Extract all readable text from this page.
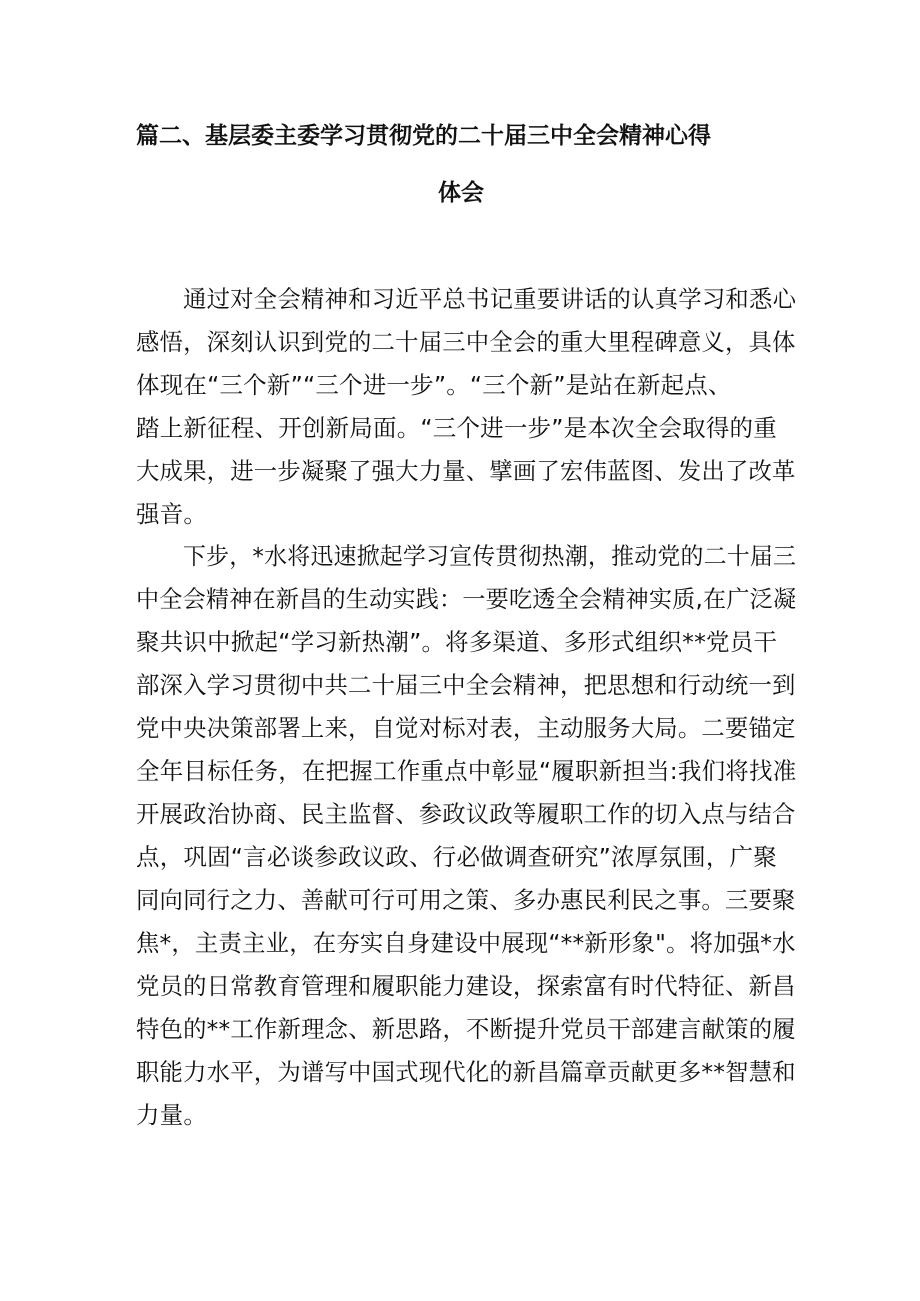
篇二、基层委主委学习贯彻党的二十届三中全会精神心得
体会
通过对全会精神和习近平总书记重要讲话的认真学习和悉心
感悟，深刻认识到党的二十届三中全会的重大里程碑意义，具体
体现在“三个新”“三个进一步”。“三个新”是站在新起点、
踏上新征程、开创新局面。“三个进一步”是本次全会取得的重
大成果，进一步凝聚了强大力量、擘画了宏伟蓝图、发出了改革
强音。
下步，*水将迅速掀起学习宣传贯彻热潮，推动党的二十届三
中全会精神在新昌的生动实践：一要吃透全会精神实质,在广泛凝
聚共识中掀起“学习新热潮”。将多渠道、多形式组织**党员干
部深入学习贯彻中共二十届三中全会精神，把思想和行动统一到
党中央决策部署上来，自觉对标对表，主动服务大局。二要锚定
全年目标任务，在把握工作重点中彰显“履职新担当:我们将找准
开展政治协商、民主监督、参政议政等履职工作的切入点与结合
点，巩固“言必谈参政议政、行必做调查研究”浓厚氛围，广聚
同向同行之力、善献可行可用之策、多办惠民利民之事。三要聚
焦*，主责主业，在夯实自身建设中展现“**新形象"。将加强*水
党员的日常教育管理和履职能力建设，探索富有时代特征、新昌
特色的**工作新理念、新思路，不断提升党员干部建言献策的履
职能力水平，为谱写中国式现代化的新昌篇章贡献更多**智慧和
力量。
